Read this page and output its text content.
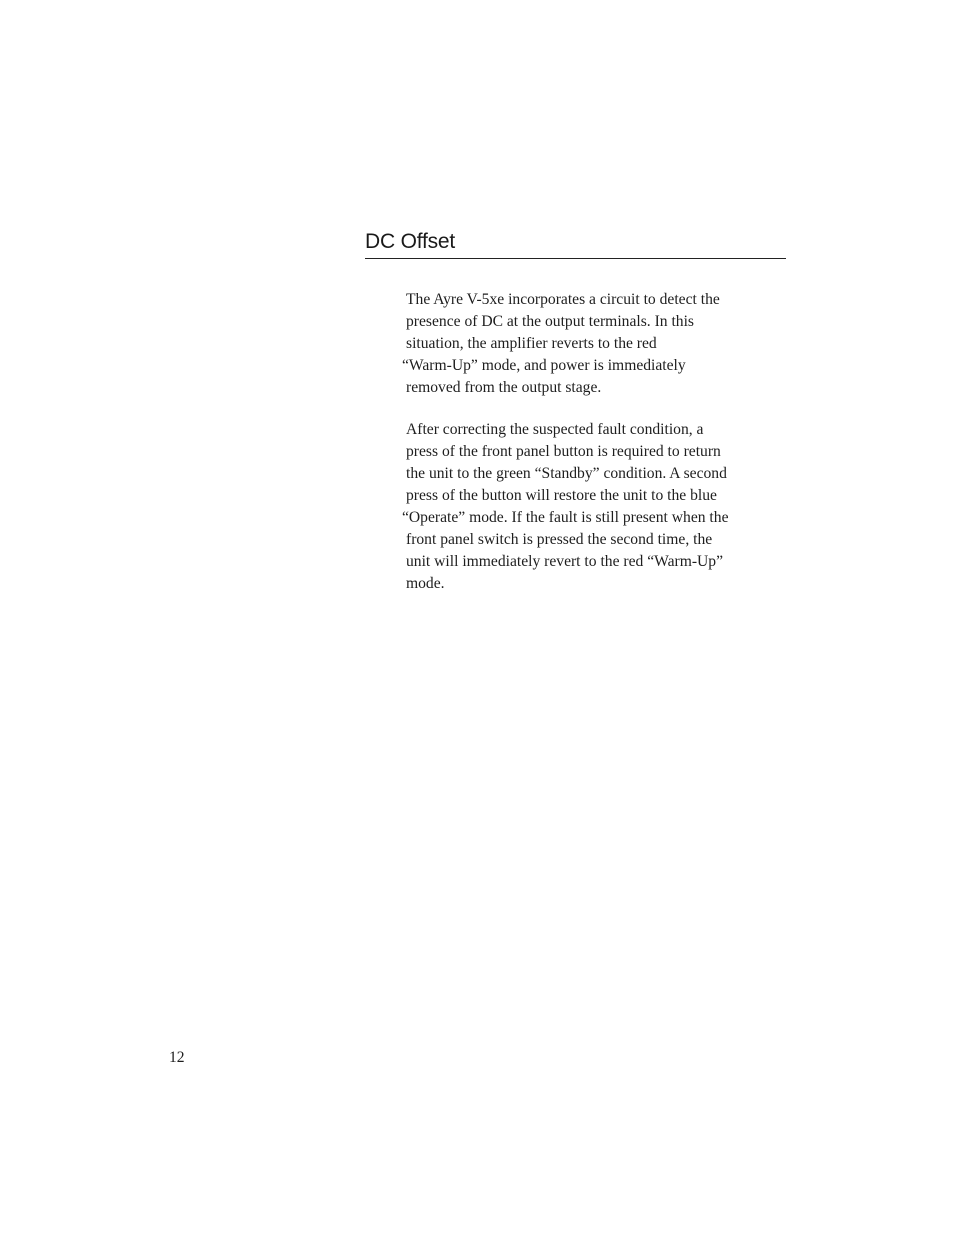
DC Offset
The Ayre V-5xe incorporates a circuit to detect the
presence of DC at the output terminals. In this
situation, the amplifier reverts to the red
“Warm-Up” mode, and power is immediately
removed from the output stage.
After correcting the suspected fault condition, a
press of the front panel button is required to return
the unit to the green “Standby” condition. A second
press of the button will restore the unit to the blue
“Operate” mode. If the fault is still present when the
front panel switch is pressed the second time, the
unit will immediately revert to the red “Warm-Up”
mode.
12
